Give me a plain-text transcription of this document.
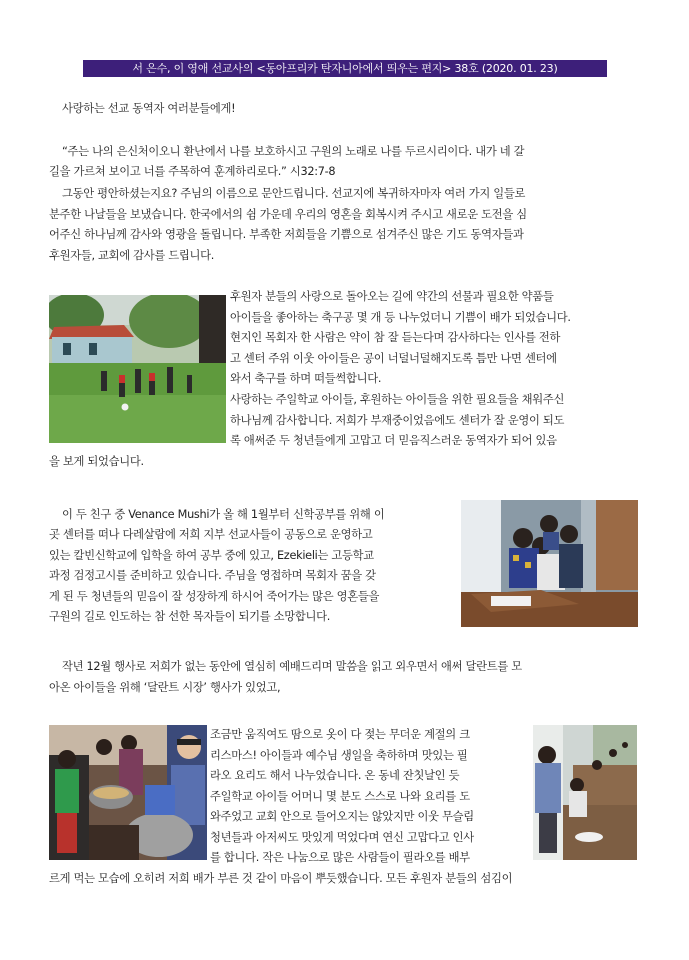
서 은수, 이 영애 선교사의 <동아프리카 탄자니아에서 띄우는 편지> 38호 (2020. 01. 23)
사랑하는 선교 동역자 여러분들에게!
“주는 나의 은신처이오니 환난에서 나를 보호하시고 구원의 노래로 나를 두르시리이다. 내가 네 갈
길을 가르쳐 보이고 너를 주목하여 훈계하리로다.” 시32:7-8
그동안 평안하셨는지요? 주님의 이름으로 문안드립니다. 선교지에 복귀하자마자 여러 가지 일들로
분주한 나날들을 보냈습니다. 한국에서의 쉼 가운데 우리의 영혼을 회복시켜 주시고 새로운 도전을 심
어주신 하나님께 감사와 영광을 돌립니다. 부족한 저희들을 기쁨으로 섬겨주신 많은 기도 동역자들과
후원자들, 교회에 감사를 드립니다.
후원자 분들의 사랑으로 돌아오는 길에 약간의 선물과 필요한 약품들
아이들을 좋아하는 축구공 몇 개 등 나누었더니 기쁨이 배가 되었습니다.
현지인 목회자 한 사람은 약이 참 잘 듣는다며 감사하다는 인사를 전하
고 센터 주위 이웃 아이들은 공이 너덜너덜해지도록 틈만 나면 센터에
와서 축구를 하며 떠들썩합니다.
사랑하는 주일학교 아이들, 후원하는 아이들을 위한 필요들을 채워주신
하나님께 감사합니다. 저희가 부재중이었음에도 센터가 잘 운영이 되도
록 애써준 두 청년들에게 고맙고 더 믿음직스러운 동역자가 되어 있음
을 보게 되었습니다.
이 두 친구 중 Venance Mushi가 올 해 1월부터 신학공부를 위해 이
곳 센터를 떠나 다레살람에 저희 지부 선교사들이 공동으로 운영하고
있는 칼빈신학교에 입학을 하여 공부 중에 있고, Ezekieli는 고등학교
과정 검정고시를 준비하고 있습니다. 주님을 영접하며 목회자 꿈을 갖
게 된 두 청년들의 믿음이 잘 성장하게 하시어 죽어가는 많은 영혼들을
구원의 길로 인도하는 참 선한 목자들이 되기를 소망합니다.
작년 12월 행사로 저희가 없는 동안에 열심히 예배드리며 말씀을 읽고 외우면서 애써 달란트를 모
아온 아이들을 위해 ‘달란트 시장’ 행사가 있었고,
조금만 움직여도 땀으로 옷이 다 젖는 무더운 계절의 크
리스마스! 아이들과 예수님 생일을 축하하며 맛있는 필
라오 요리도 해서 나누었습니다. 온 동네 잔칫날인 듯
주일학교 아이들 어머니 몇 분도 스스로 나와 요리를 도
와주었고 교회 안으로 들어오지는 않았지만 이웃 무슬림
청년들과 아저씨도 맛있게 먹었다며 연신 고맙다고 인사
를 합니다. 작은 나눔으로 많은 사람들이 필라오를 배부
르게 먹는 모습에 오히려 저희 배가 부른 것 같이 마음이 뿌듯했습니다. 모든 후원자 분들의 섬김이
